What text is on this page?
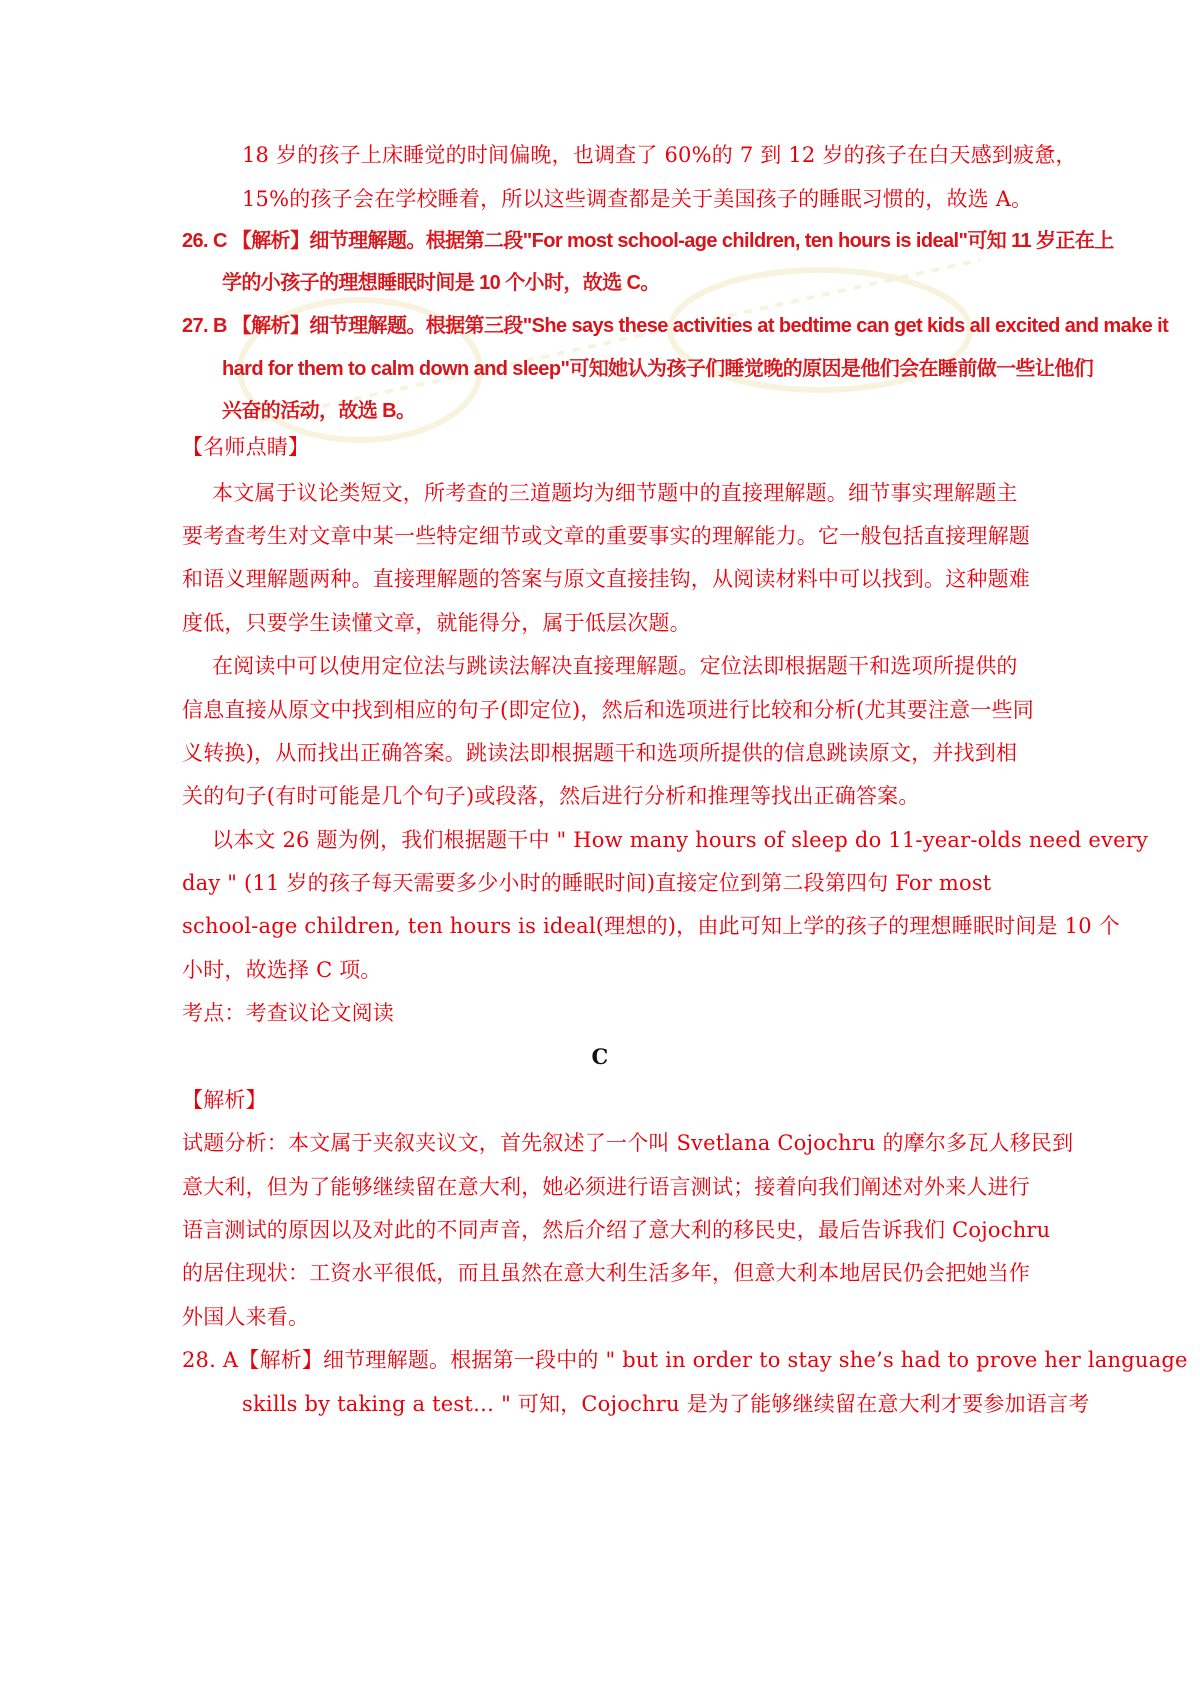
18 岁的孩子上床睡觉的时间偏晚，也调查了 60%的 7 到 12 岁的孩子在白天感到疲惫，
15%的孩子会在学校睡着，所以这些调查都是关于美国孩子的睡眠习惯的，故选 A。
26. C 【解析】细节理解题。根据第二段"For most school-age children, ten hours is ideal"可知 11 岁正在上
学的小孩子的理想睡眠时间是 10 个小时，故选 C。
27. B 【解析】细节理解题。根据第三段"She says these activities at bedtime can get kids all excited and make it
hard for them to calm down and sleep"可知她认为孩子们睡觉晚的原因是他们会在睡前做一些让他们
兴奋的活动，故选 B。
【名师点睛】
本文属于议论类短文，所考查的三道题均为细节题中的直接理解题。细节事实理解题主
要考查考生对文章中某一些特定细节或文章的重要事实的理解能力。它一般包括直接理解题
和语义理解题两种。直接理解题的答案与原文直接挂钩，从阅读材料中可以找到。这种题难
度低，只要学生读懂文章，就能得分，属于低层次题。
在阅读中可以使用定位法与跳读法解决直接理解题。定位法即根据题干和选项所提供的
信息直接从原文中找到相应的句子(即定位)，然后和选项进行比较和分析(尤其要注意一些同
义转换)，从而找出正确答案。跳读法即根据题干和选项所提供的信息跳读原文，并找到相
关的句子(有时可能是几个句子)或段落，然后进行分析和推理等找出正确答案。
以本文 26 题为例，我们根据题干中 " How many hours of sleep do 11-year-olds need every
day " (11 岁的孩子每天需要多少小时的睡眠时间)直接定位到第二段第四句 For most
school-age children, ten hours is ideal(理想的)，由此可知上学的孩子的理想睡眠时间是 10 个
小时，故选择 C 项。
考点：考查议论文阅读
C
【解析】
试题分析：本文属于夹叙夹议文，首先叙述了一个叫 Svetlana Cojochru 的摩尔多瓦人移民到
意大利，但为了能够继续留在意大利，她必须进行语言测试；接着向我们阐述对外来人进行
语言测试的原因以及对此的不同声音，然后介绍了意大利的移民史，最后告诉我们 Cojochru
的居住现状：工资水平很低，而且虽然在意大利生活多年，但意大利本地居民仍会把她当作
外国人来看。
28. A【解析】细节理解题。根据第一段中的 " but in order to stay she’s had to prove her language
skills by taking a test… " 可知，Cojochru 是为了能够继续留在意大利才要参加语言考
